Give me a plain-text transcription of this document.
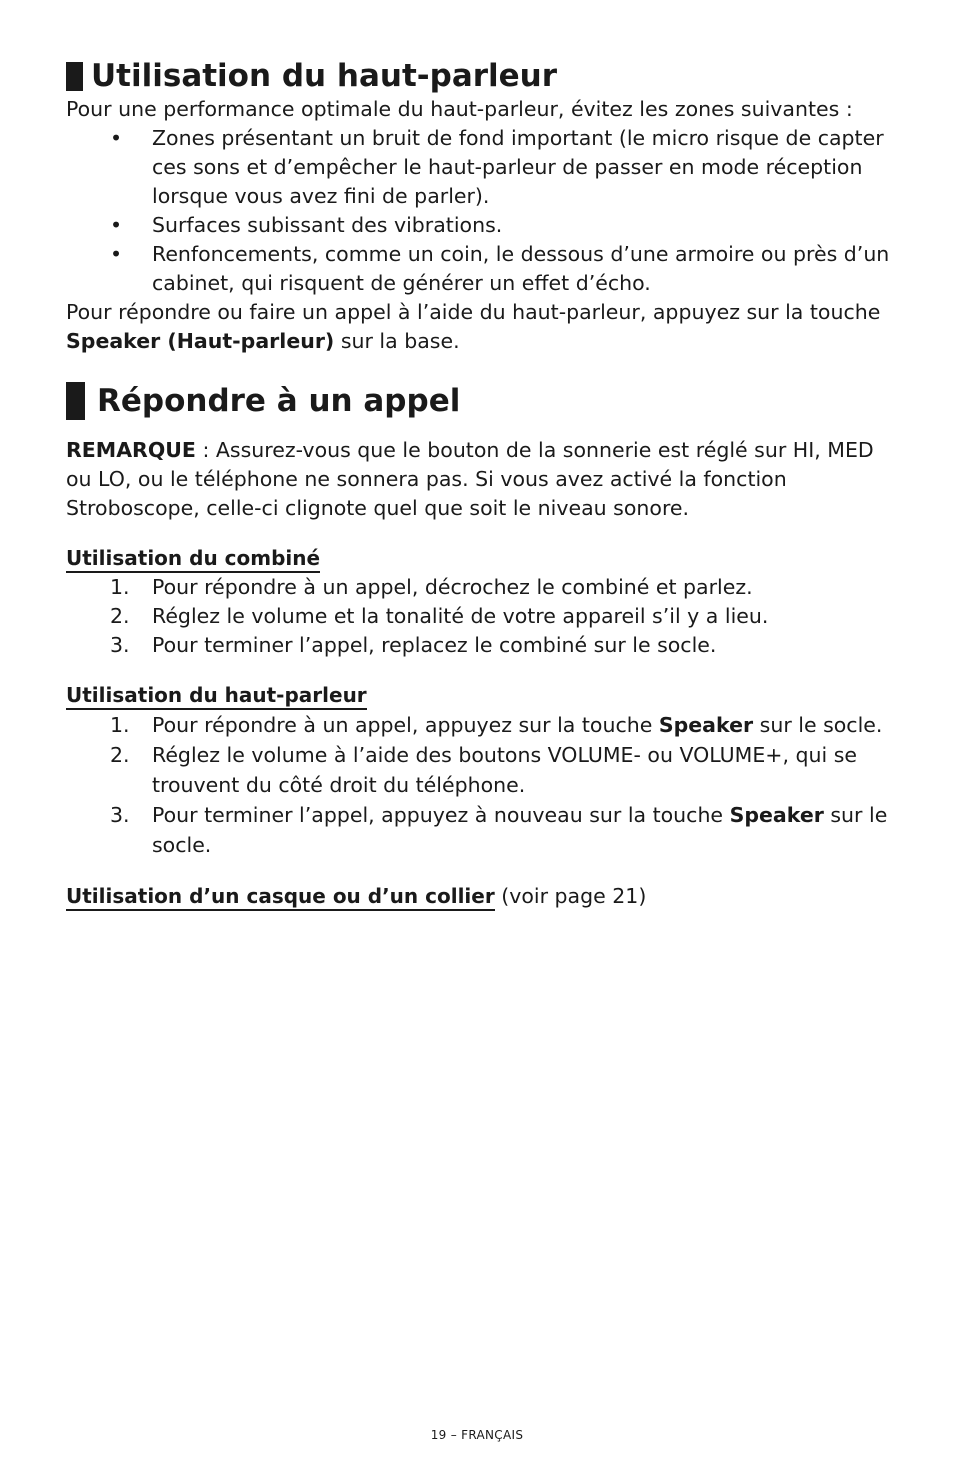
Utilisation du haut-parleur

Pour une performance optimale du haut-parleur, évitez les zones suivantes :

• Zones présentant un bruit de fond important (le micro risque de capter ces sons et d’empêcher le haut-parleur de passer en mode réception lorsque vous avez fini de parler).
• Surfaces subissant des vibrations.
• Renfoncements, comme un coin, le dessous d’une armoire ou près d’un cabinet, qui risquent de générer un effet d’écho.

Pour répondre ou faire un appel à l’aide du haut-parleur, appuyez sur la touche Speaker (Haut-parleur) sur la base.

Répondre à un appel

REMARQUE : Assurez-vous que le bouton de la sonnerie est réglé sur HI, MED ou LO, ou le téléphone ne sonnera pas. Si vous avez activé la fonction Stroboscope, celle-ci clignote quel que soit le niveau sonore.

Utilisation du combiné
1. Pour répondre à un appel, décrochez le combiné et parlez.
2. Réglez le volume et la tonalité de votre appareil s’il y a lieu.
3. Pour terminer l’appel, replacez le combiné sur le socle.
Utilisation du haut-parleur
1. Pour répondre à un appel, appuyez sur la touche Speaker sur le socle.
2. Réglez le volume à l’aide des boutons VOLUME- ou VOLUME+, qui se trouvent du côté droit du téléphone.
3. Pour terminer l’appel, appuyez à nouveau sur la touche Speaker sur le socle.
Utilisation d’un casque ou d’un collier (voir page 21)
19 – FRANÇAIS
